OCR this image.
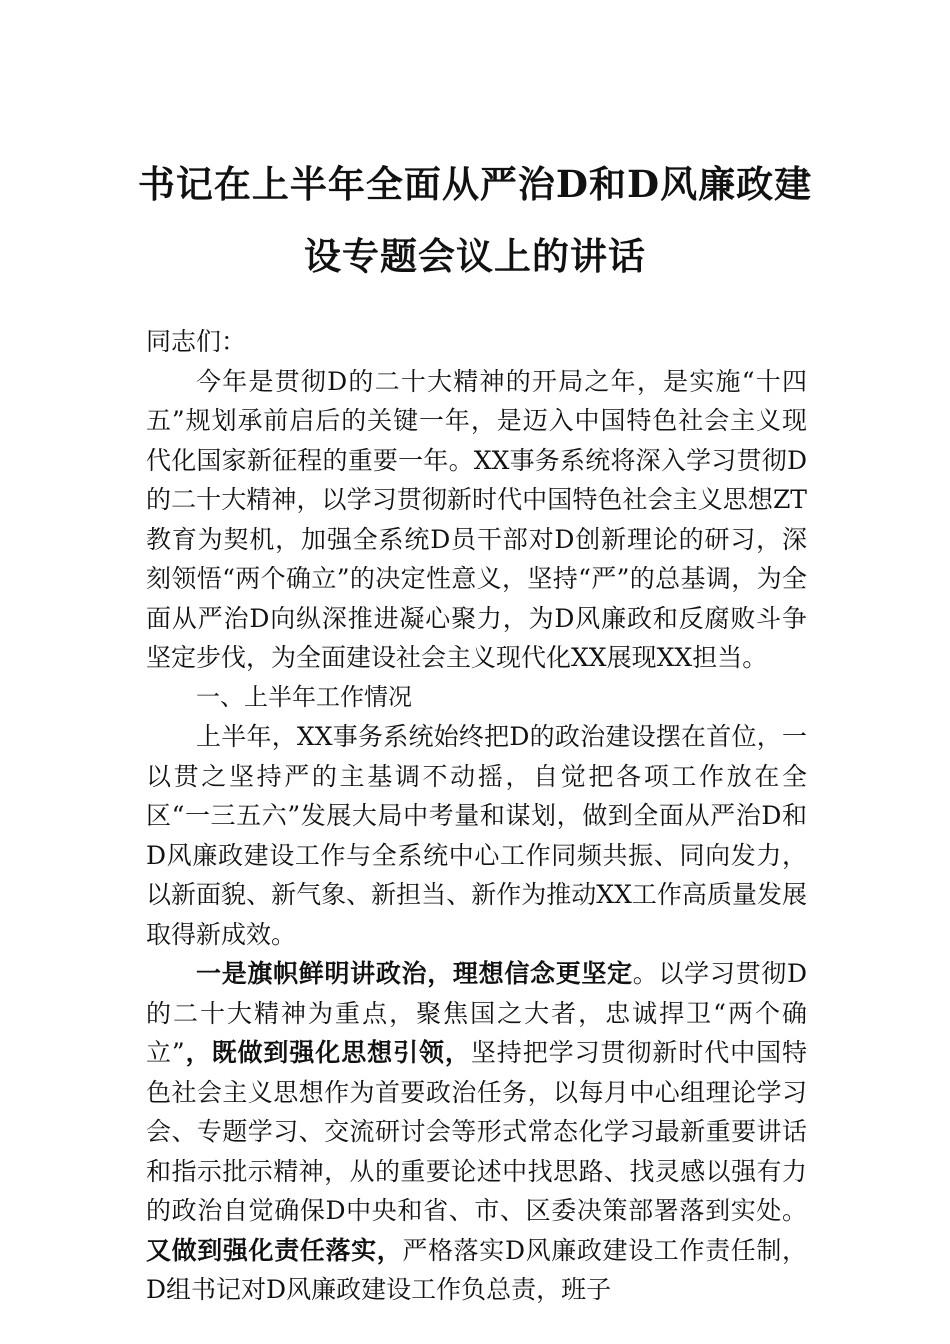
书记在上半年全面从严治D和D风廉政建
设专题会议上的讲话

同志们：

今年是贯彻D的二十大精神的开局之年，是实施“十四五”规划承前启后的关键一年，是迈入中国特色社会主义现代化国家新征程的重要一年。XX事务系统将深入学习贯彻D的二十大精神，以学习贯彻新时代中国特色社会主义思想ZT教育为契机，加强全系统D员干部对D创新理论的研习，深刻领悟“两个确立”的决定性意义，坚持“严”的总基调，为全面从严治D向纵深推进凝心聚力，为D风廉政和反腐败斗争坚定步伐，为全面建设社会主义现代化XX展现XX担当。

一、上半年工作情况

上半年，XX事务系统始终把D的政治建设摆在首位，一以贯之坚持严的主基调不动摇，自觉把各项工作放在全区“一三五六”发展大局中考量和谋划，做到全面从严治D和D风廉政建设工作与全系统中心工作同频共振、同向发力，以新面貌、新气象、新担当、新作为推动XX工作高质量发展取得新成效。

一是旗帜鲜明讲政治，理想信念更坚定。以学习贯彻D的二十大精神为重点，聚焦国之大者，忠诚捍卫“两个确立”，既做到强化思想引领，坚持把学习贯彻新时代中国特色社会主义思想作为首要政治任务，以每月中心组理论学习会、专题学习、交流研讨会等形式常态化学习最新重要讲话和指示批示精神，从的重要论述中找思路、找灵感以强有力的政治自觉确保D中央和省、市、区委决策部署落到实处。又做到强化责任落实，严格落实D风廉政建设工作责任制，D组书记对D风廉政建设工作负总责，班子
